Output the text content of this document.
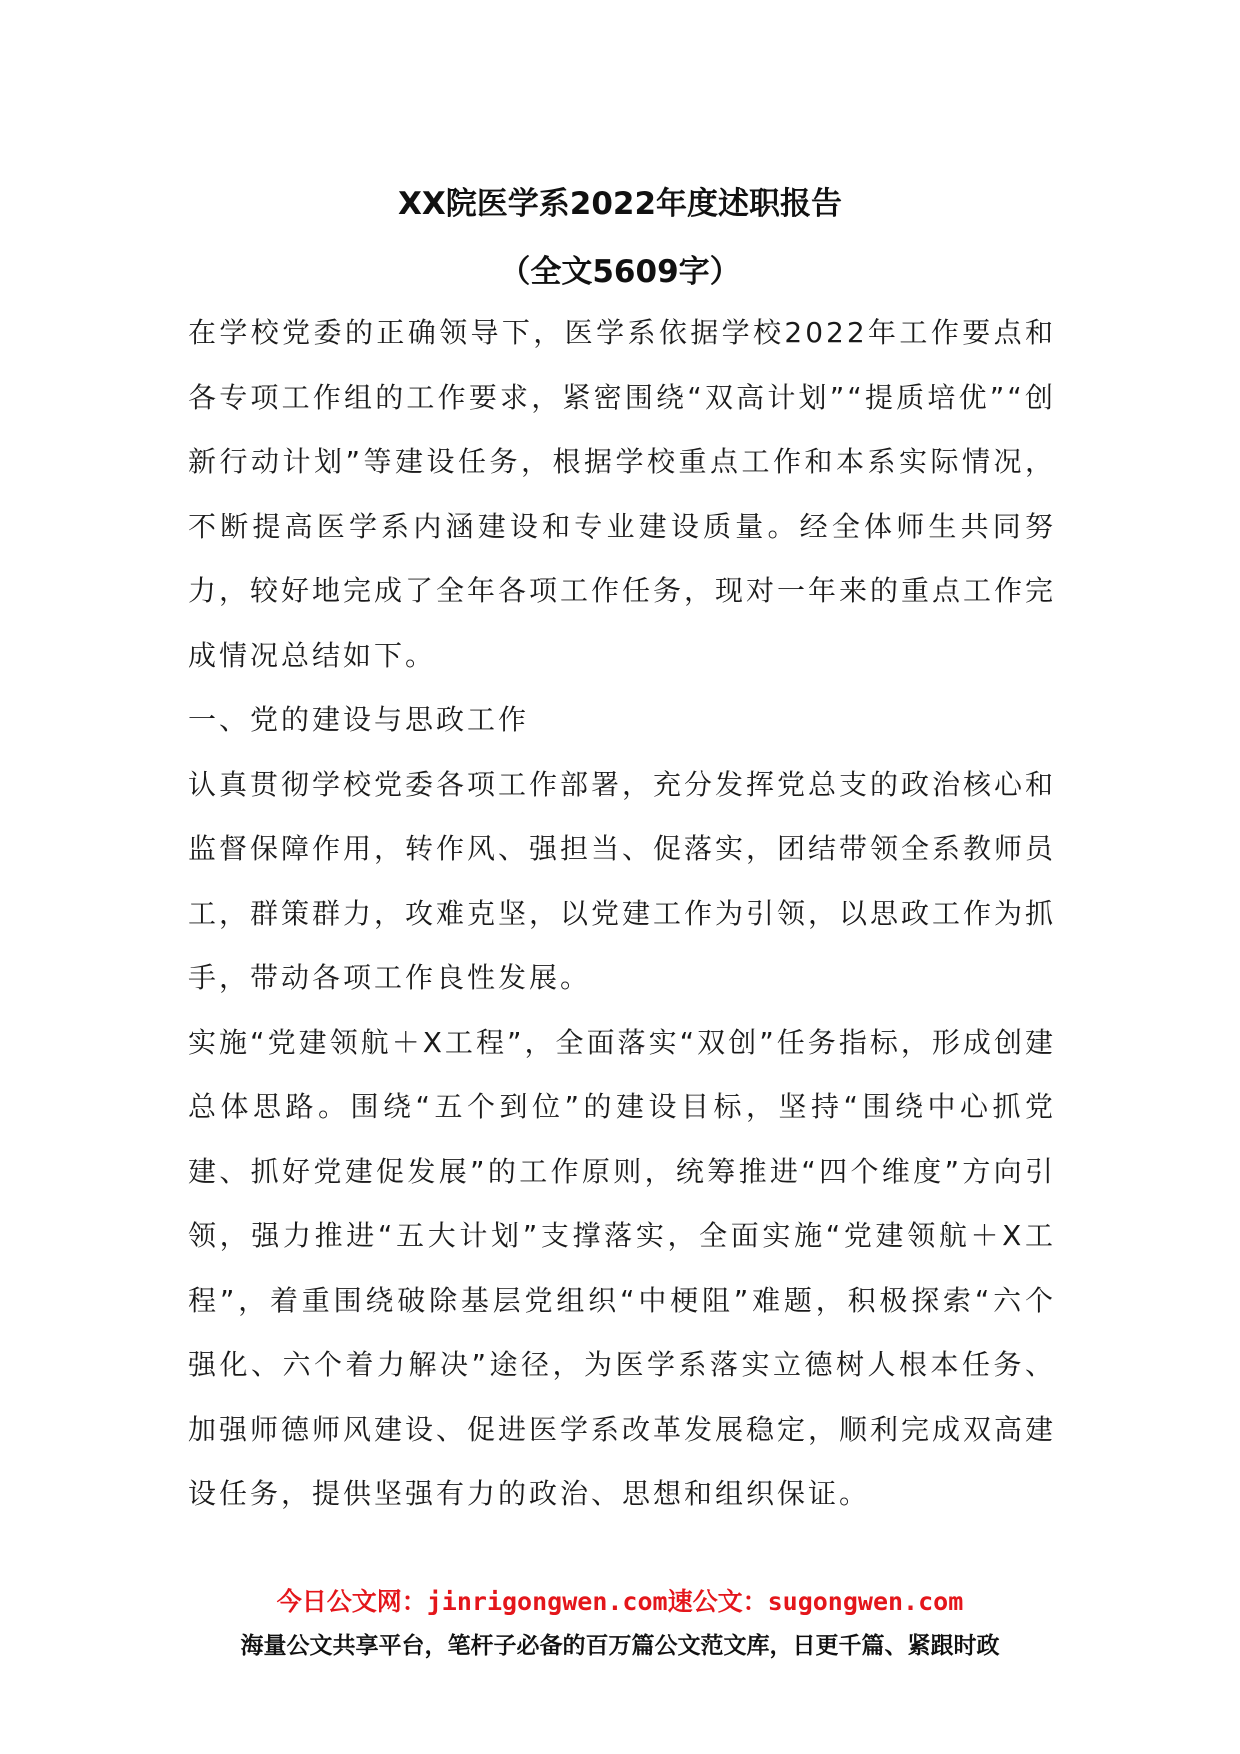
XX院医学系2022年度述职报告
（全文5609字）

在学校党委的正确领导下，医学系依据学校2022年工作要点和各专项工作组的工作要求，紧密围绕“双高计划”“提质培优”“创新行动计划”等建设任务，根据学校重点工作和本系实际情况，不断提高医学系内涵建设和专业建设质量。经全体师生共同努力，较好地完成了全年各项工作任务，现对一年来的重点工作完成情况总结如下。

一、党的建设与思政工作

认真贯彻学校党委各项工作部署，充分发挥党总支的政治核心和监督保障作用，转作风、强担当、促落实，团结带领全系教师员工，群策群力，攻难克坚，以党建工作为引领，以思政工作为抓手，带动各项工作良性发展。

实施“党建领航＋X工程”，全面落实“双创”任务指标，形成创建总体思路。围绕“五个到位”的建设目标，坚持“围绕中心抓党建、抓好党建促发展”的工作原则，统筹推进“四个维度”方向引领，强力推进“五大计划”支撑落实，全面实施“党建领航＋X工程”，着重围绕破除基层党组织“中梗阻”难题，积极探索“六个强化、六个着力解决”途径，为医学系落实立德树人根本任务、加强师德师风建设、促进医学系改革发展稳定，顺利完成双高建设任务，提供坚强有力的政治、思想和组织保证。

今日公文网：jinrigongwen.com速公文：sugongwen.com
海量公文共享平台，笔杆子必备的百万篇公文范文库，日更千篇、紧跟时政
